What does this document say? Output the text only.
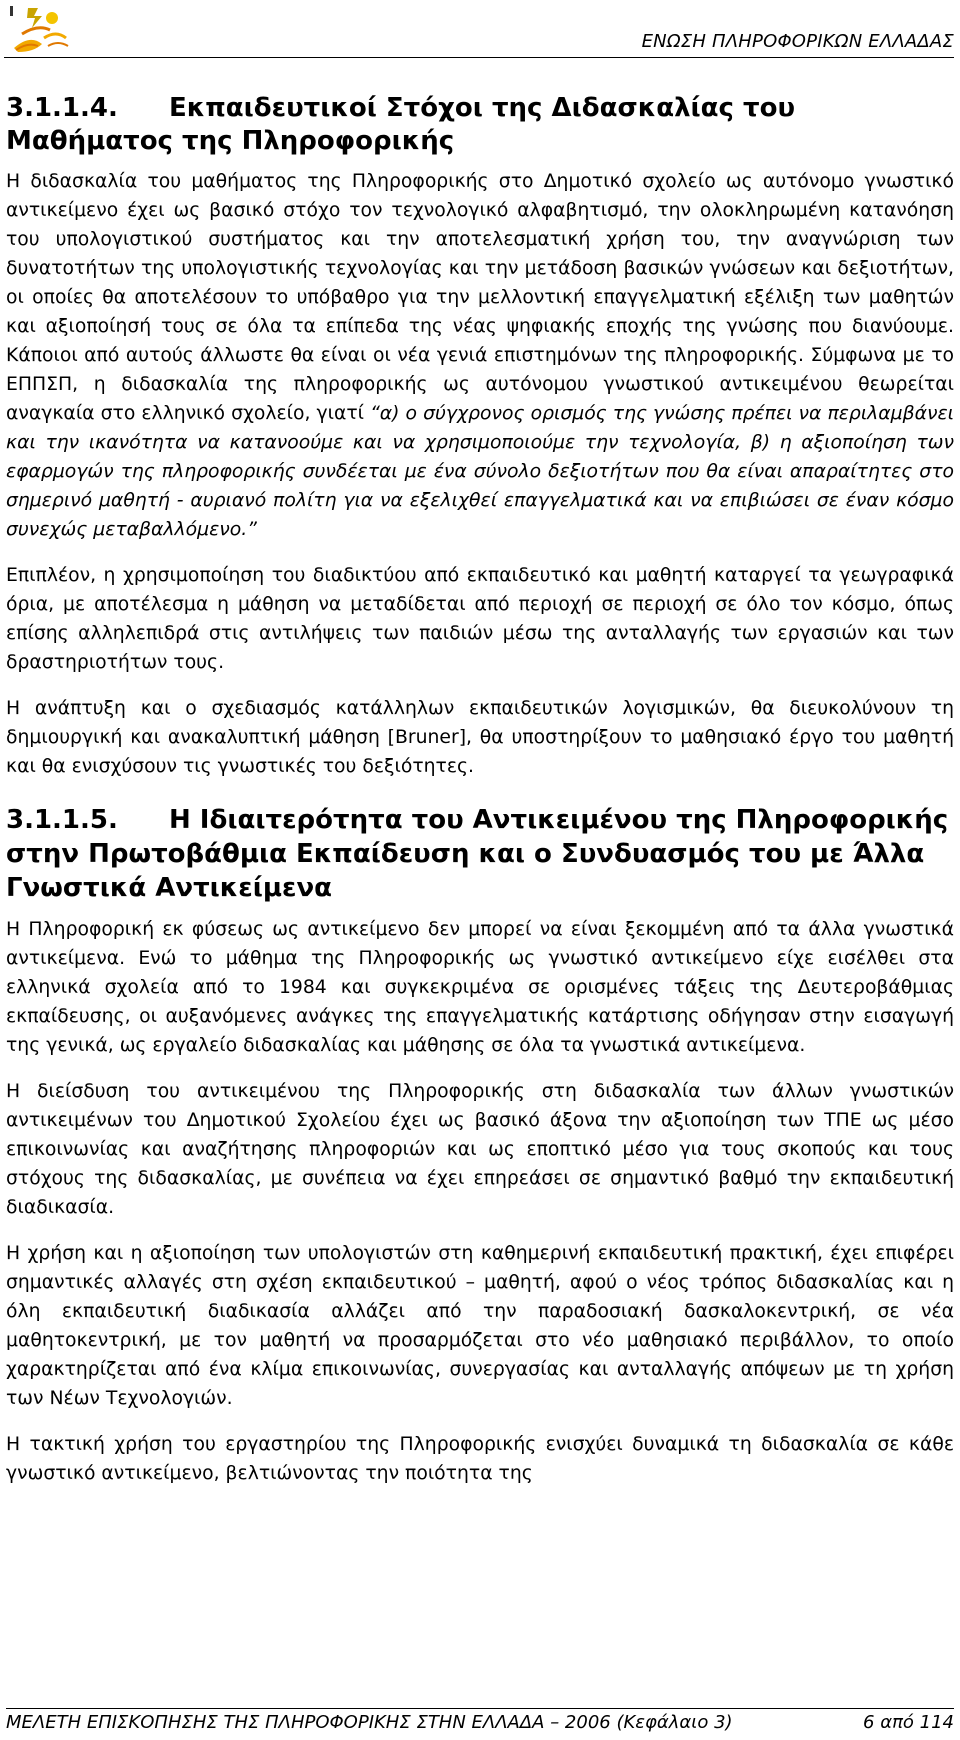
ΕΝΩΣΗ ΠΛΗΡΟΦΟΡΙΚΩΝ ΕΛΛΑΔΑΣ
3.1.1.4. Εκπαιδευτικοί Στόχοι της Διδασκαλίας του Μαθήματος της Πληροφορικής

Η διδασκαλία του μαθήματος της Πληροφορικής στο Δημοτικό σχολείο ως αυτόνομο γνωστικό αντικείμενο έχει ως βασικό στόχο τον τεχνολογικό αλφαβητισμό, την ολοκληρωμένη κατανόηση του υπολογιστικού συστήματος και την αποτελεσματική χρήση του, την αναγνώριση των δυνατοτήτων της υπολογιστικής τεχνολογίας και την μετάδοση βασικών γνώσεων και δεξιοτήτων, οι οποίες θα αποτελέσουν το υπόβαθρο για την μελλοντική επαγγελματική εξέλιξη των μαθητών και αξιοποίησή τους σε όλα τα επίπεδα της νέας ψηφιακής εποχής της γνώσης που διανύουμε. Κάποιοι από αυτούς άλλωστε θα είναι οι νέα γενιά επιστημόνων της πληροφορικής. Σύμφωνα με το ΕΠΠΣΠ, η διδασκαλία της πληροφορικής ως αυτόνομου γνωστικού αντικειμένου θεωρείται αναγκαία στο ελληνικό σχολείο, γιατί “α) ο σύγχρονος ορισμός της γνώσης πρέπει να περιλαμβάνει και την ικανότητα να κατανοούμε και να χρησιμοποιούμε την τεχνολογία, β) η αξιοποίηση των εφαρμογών της πληροφορικής συνδέεται με ένα σύνολο δεξιοτήτων που θα είναι απαραίτητες στο σημερινό μαθητή - αυριανό πολίτη για να εξελιχθεί επαγγελματικά και να επιβιώσει σε έναν κόσμο συνεχώς μεταβαλλόμενο.”

Επιπλέον, η χρησιμοποίηση του διαδικτύου από εκπαιδευτικό και μαθητή καταργεί τα γεωγραφικά όρια, με αποτέλεσμα η μάθηση να μεταδίδεται από περιοχή σε περιοχή σε όλο τον κόσμο, όπως επίσης αλληλεπιδρά στις αντιλήψεις των παιδιών μέσω της ανταλλαγής των εργασιών και των δραστηριοτήτων τους.

Η ανάπτυξη και ο σχεδιασμός κατάλληλων εκπαιδευτικών λογισμικών, θα διευκολύνουν τη δημιουργική και ανακαλυπτική μάθηση [Bruner], θα υποστηρίξουν το μαθησιακό έργο του μαθητή και θα ενισχύσουν τις γνωστικές του δεξιότητες.

3.1.1.5. Η Ιδιαιτερότητα του Αντικειμένου της Πληροφορικής στην Πρωτοβάθμια Εκπαίδευση και ο Συνδυασμός του με Άλλα Γνωστικά Αντικείμενα

Η Πληροφορική εκ φύσεως ως αντικείμενο δεν μπορεί να είναι ξεκομμένη από τα άλλα γνωστικά αντικείμενα. Ενώ το μάθημα της Πληροφορικής ως γνωστικό αντικείμενο είχε εισέλθει στα ελληνικά σχολεία από το 1984 και συγκεκριμένα σε ορισμένες τάξεις της Δευτεροβάθμιας εκπαίδευσης, οι αυξανόμενες ανάγκες της επαγγελματικής κατάρτισης οδήγησαν στην εισαγωγή της γενικά, ως εργαλείο διδασκαλίας και μάθησης σε όλα τα γνωστικά αντικείμενα.

Η διείσδυση του αντικειμένου της Πληροφορικής στη διδασκαλία των άλλων γνωστικών αντικειμένων του Δημοτικού Σχολείου έχει ως βασικό άξονα την αξιοποίηση των ΤΠΕ ως μέσο επικοινωνίας και αναζήτησης πληροφοριών και ως εποπτικό μέσο για τους σκοπούς και τους στόχους της διδασκαλίας, με συνέπεια να έχει επηρεάσει σε σημαντικό βαθμό την εκπαιδευτική διαδικασία.

Η χρήση και η αξιοποίηση των υπολογιστών στη καθημερινή εκπαιδευτική πρακτική, έχει επιφέρει σημαντικές αλλαγές στη σχέση εκπαιδευτικού – μαθητή, αφού ο νέος τρόπος διδασκαλίας και η όλη εκπαιδευτική διαδικασία αλλάζει από την παραδοσιακή δασκαλοκεντρική, σε νέα μαθητοκεντρική, με τον μαθητή να προσαρμόζεται στο νέο μαθησιακό περιβάλλον, το οποίο χαρακτηρίζεται από ένα κλίμα επικοινωνίας, συνεργασίας και ανταλλαγής απόψεων με τη χρήση των Νέων Τεχνολογιών.

Η τακτική χρήση του εργαστηρίου της Πληροφορικής ενισχύει δυναμικά τη διδασκαλία σε κάθε γνωστικό αντικείμενο, βελτιώνοντας την ποιότητα της

ΜΕΛΕΤΗ ΕΠΙΣΚΟΠΗΣΗΣ ΤΗΣ ΠΛΗΡΟΦΟΡΙΚΗΣ ΣΤΗΝ ΕΛΛΑΔΑ – 2006 (Κεφάλαιο 3)	6 από 114
